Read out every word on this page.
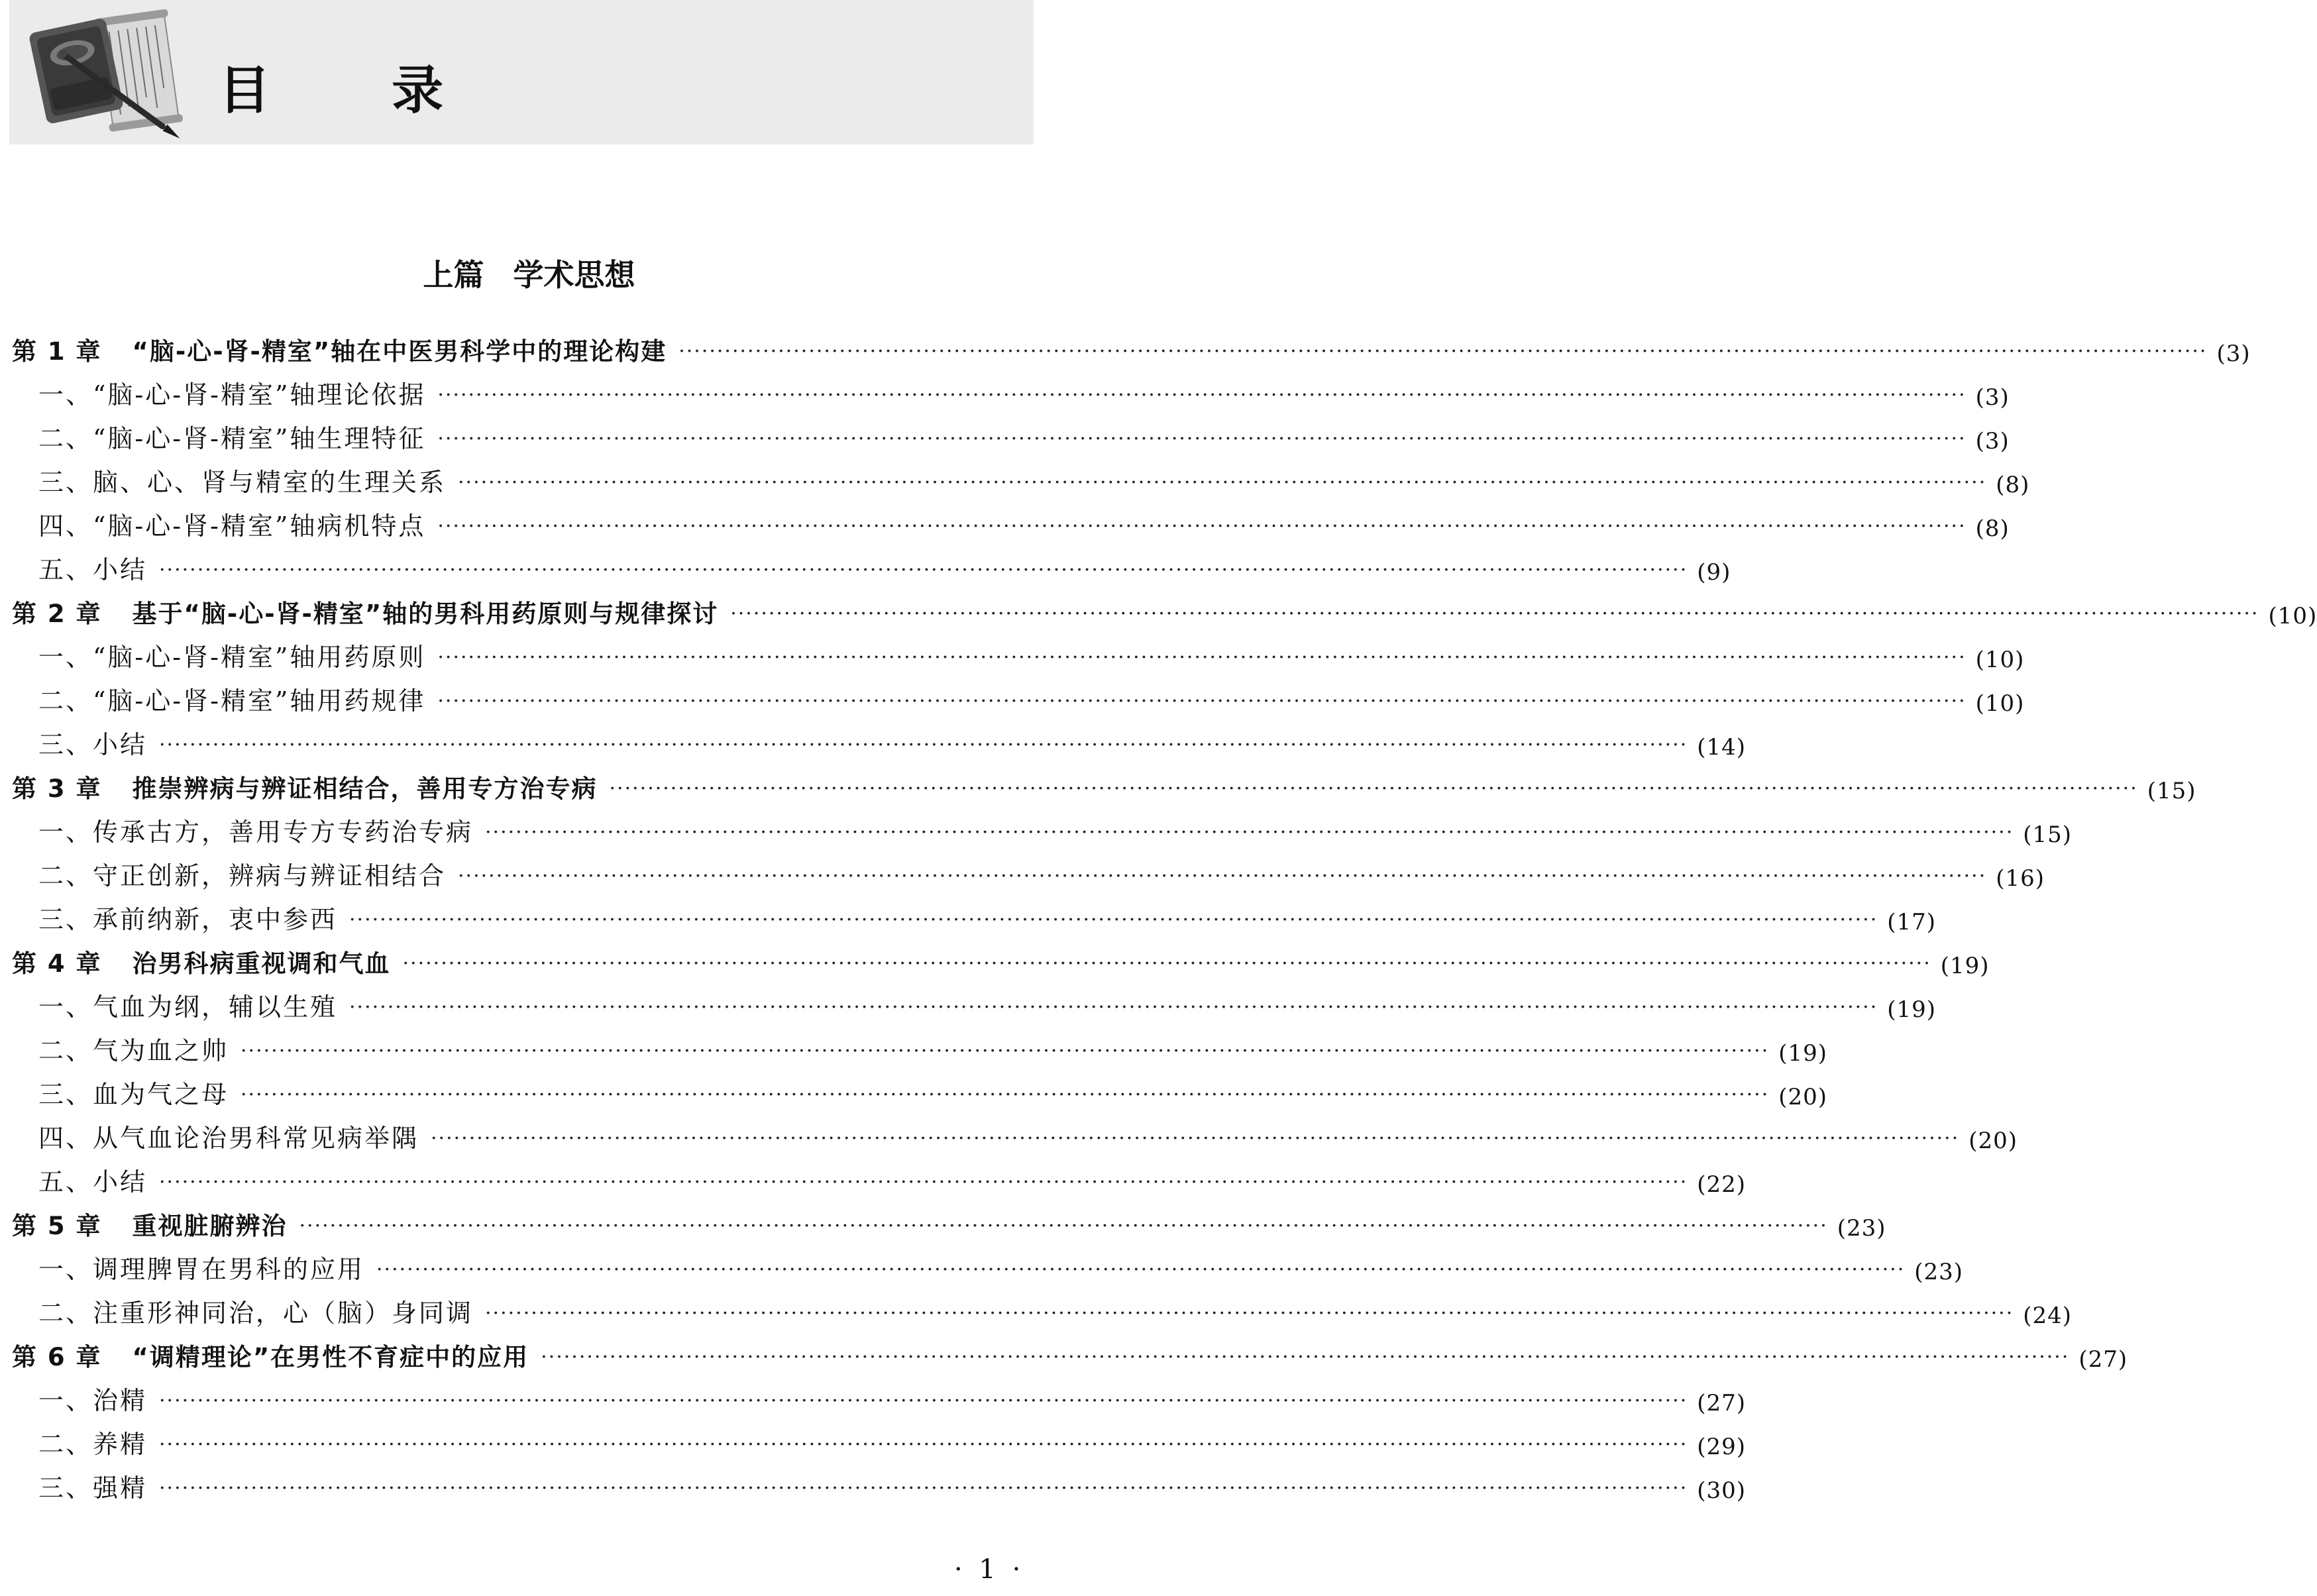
目 录
上篇 学术思想
第 1 章 “脑-心-肾-精室”轴在中医男科学中的理论构建 ········································································································································································································ (3)
一、“脑-心-肾-精室”轴理论依据 ········································································································································································································ (3)
二、“脑-心-肾-精室”轴生理特征 ········································································································································································································ (3)
三、脑、心、肾与精室的生理关系 ········································································································································································································ (8)
四、“脑-心-肾-精室”轴病机特点 ········································································································································································································ (8)
五、小结 ········································································································································································································ (9)
第 2 章 基于“脑-心-肾-精室”轴的男科用药原则与规律探讨 ········································································································································································································ (10)
一、“脑-心-肾-精室”轴用药原则 ········································································································································································································ (10)
二、“脑-心-肾-精室”轴用药规律 ········································································································································································································ (10)
三、小结 ········································································································································································································ (14)
第 3 章 推崇辨病与辨证相结合，善用专方治专病 ········································································································································································································ (15)
一、传承古方，善用专方专药治专病 ········································································································································································································ (15)
二、守正创新，辨病与辨证相结合 ········································································································································································································ (16)
三、承前纳新，衷中参西 ········································································································································································································ (17)
第 4 章 治男科病重视调和气血 ········································································································································································································ (19)
一、气血为纲，辅以生殖 ········································································································································································································ (19)
二、气为血之帅 ········································································································································································································ (19)
三、血为气之母 ········································································································································································································ (20)
四、从气血论治男科常见病举隅 ········································································································································································································ (20)
五、小结 ········································································································································································································ (22)
第 5 章 重视脏腑辨治 ········································································································································································································ (23)
一、调理脾胃在男科的应用 ········································································································································································································ (23)
二、注重形神同治，心（脑）身同调 ········································································································································································································ (24)
第 6 章 “调精理论”在男性不育症中的应用 ········································································································································································································ (27)
一、治精 ········································································································································································································ (27)
二、养精 ········································································································································································································ (29)
三、强精 ········································································································································································································ (30)
· 1 ·
